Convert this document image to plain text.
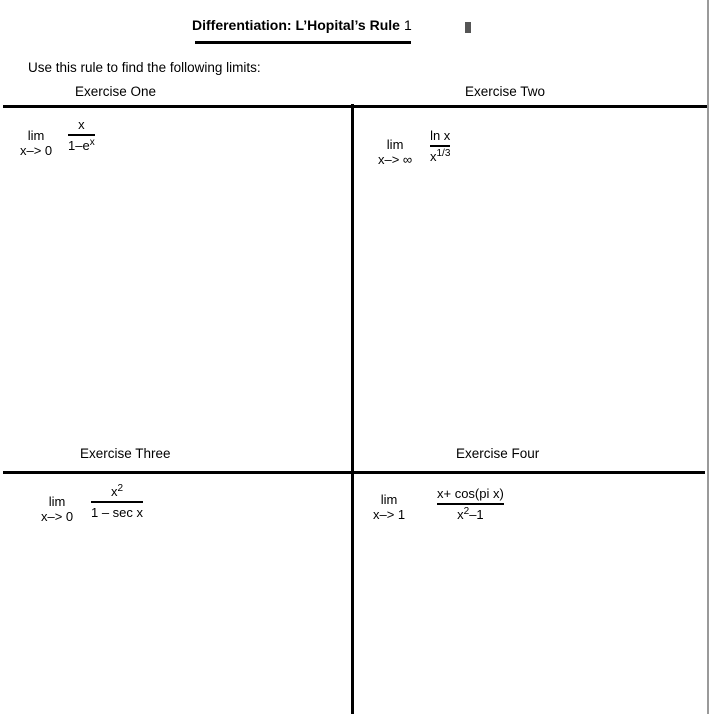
Differentiation: L’Hopital’s Rule 1
Use this rule to find the following limits:
Exercise One	Exercise Two
Exercise Three	Exercise Four
lim
x–> 0
x
$1-e^x$	lim
x–> ∞
ln x
$x^{1/3}$
lim
x–> 0
$x^2$
1 – sec x
lim
x–> 1
x+ cos(pi x)
$x^2-1$
